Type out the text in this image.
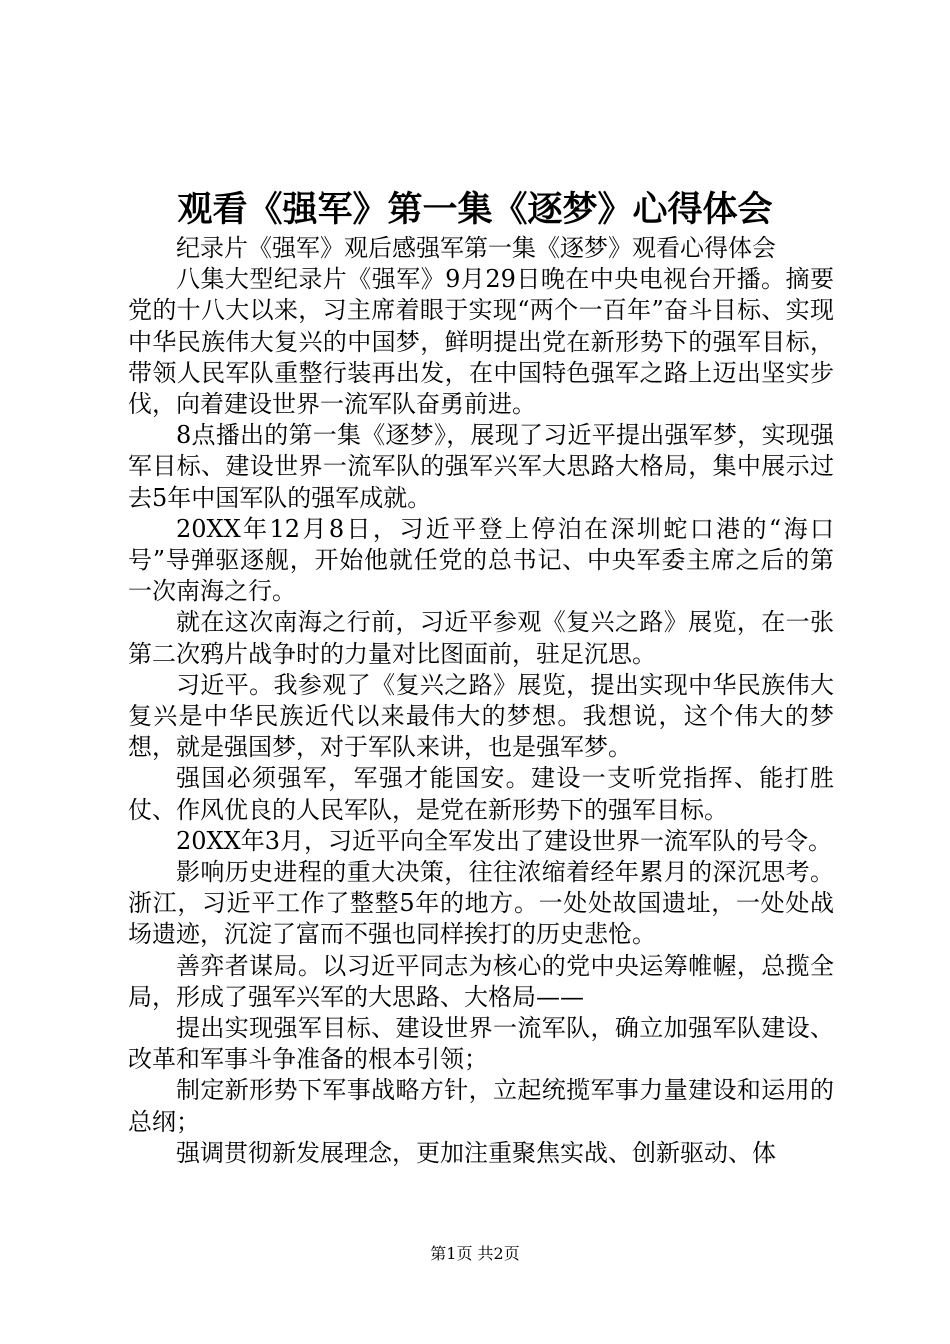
观看《强军》第一集《逐梦》心得体会

纪录片《强军》观后感强军第一集《逐梦》观看心得体会

八集大型纪录片《强军》9月29日晚在中央电视台开播。摘要党的十八大以来，习主席着眼于实现“两个一百年”奋斗目标、实现中华民族伟大复兴的中国梦，鲜明提出党在新形势下的强军目标，带领人民军队重整行装再出发，在中国特色强军之路上迈出坚实步伐，向着建设世界一流军队奋勇前进。

8点播出的第一集《逐梦》，展现了习近平提出强军梦，实现强军目标、建设世界一流军队的强军兴军大思路大格局，集中展示过去5年中国军队的强军成就。

20XX年12月8日，习近平登上停泊在深圳蛇口港的“海口号”导弹驱逐舰，开始他就任党的总书记、中央军委主席之后的第一次南海之行。

就在这次南海之行前，习近平参观《复兴之路》展览，在一张第二次鸦片战争时的力量对比图面前，驻足沉思。

习近平。我参观了《复兴之路》展览，提出实现中华民族伟大复兴是中华民族近代以来最伟大的梦想。我想说，这个伟大的梦想，就是强国梦，对于军队来讲，也是强军梦。

强国必须强军，军强才能国安。建设一支听党指挥、能打胜仗、作风优良的人民军队，是党在新形势下的强军目标。

20XX年3月，习近平向全军发出了建设世界一流军队的号令。

影响历史进程的重大决策，往往浓缩着经年累月的深沉思考。浙江，习近平工作了整整5年的地方。一处处故国遗址，一处处战场遗迹，沉淀了富而不强也同样挨打的历史悲怆。

善弈者谋局。以习近平同志为核心的党中央运筹帷幄，总揽全局，形成了强军兴军的大思路、大格局——

提出实现强军目标、建设世界一流军队，确立加强军队建设、改革和军事斗争准备的根本引领；

制定新形势下军事战略方针，立起统揽军事力量建设和运用的总纲；

强调贯彻新发展理念，更加注重聚焦实战、创新驱动、体

第1页 共2页
